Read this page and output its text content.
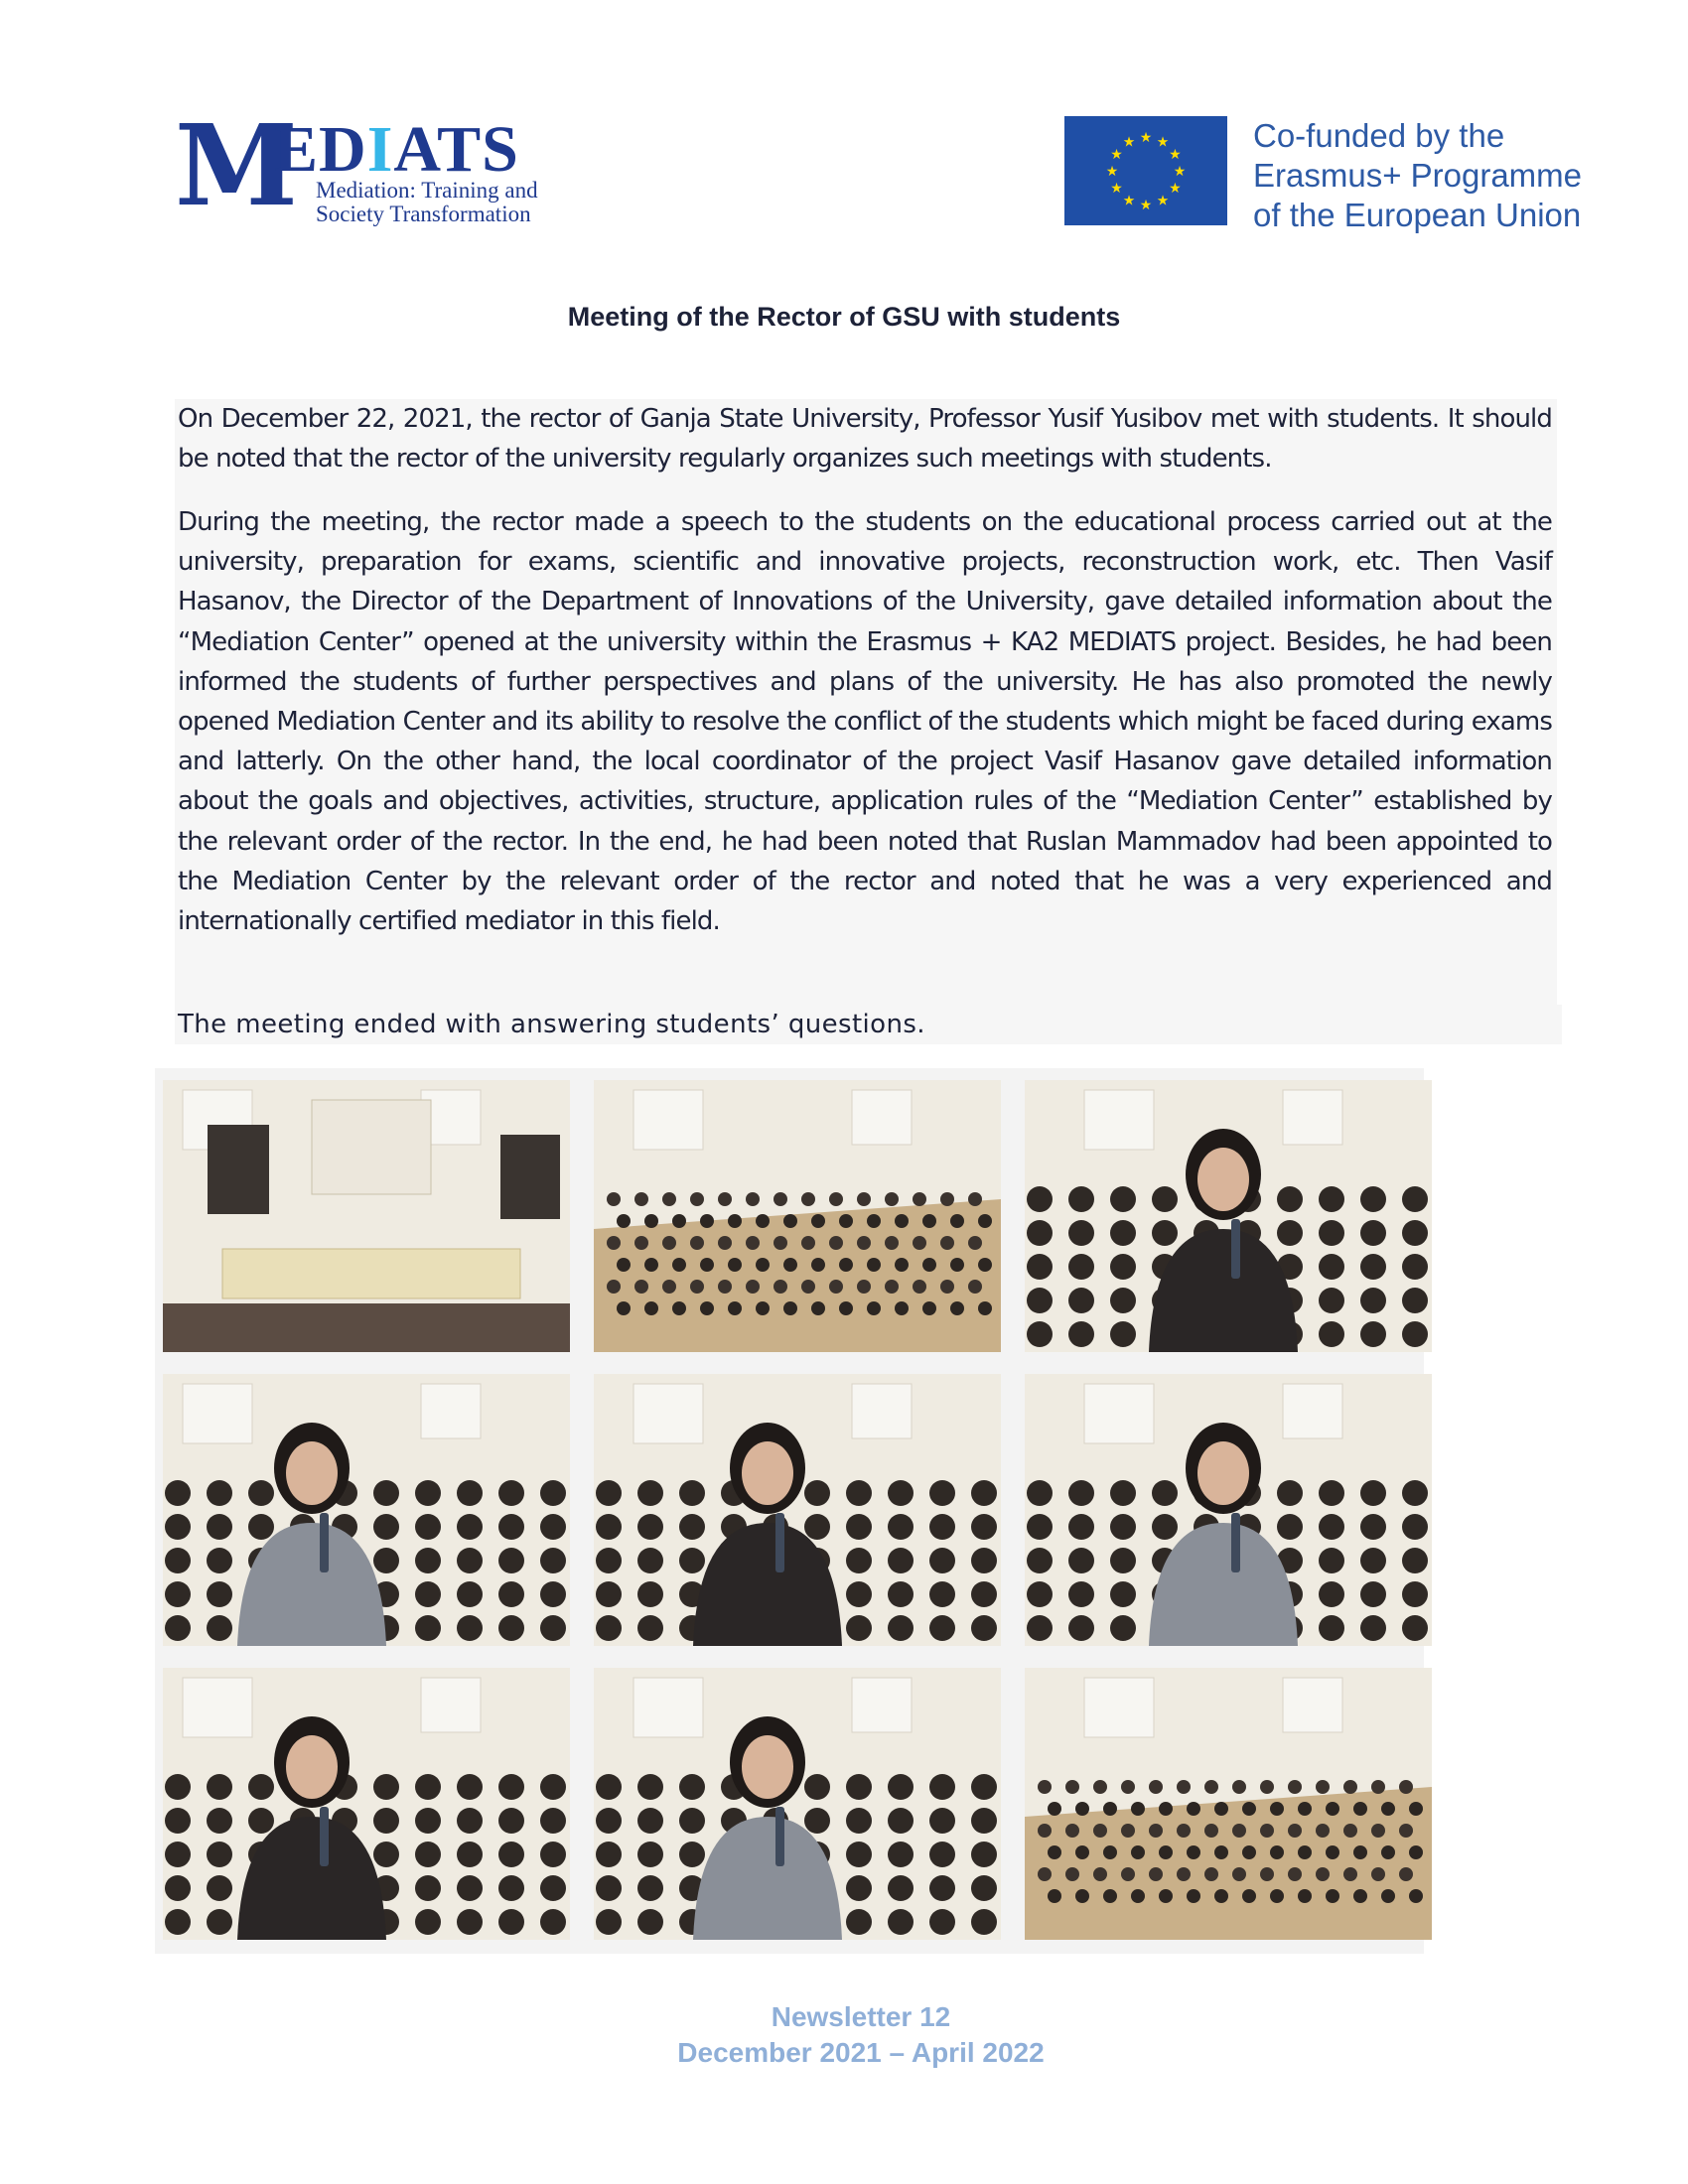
M
EDIATS
Mediation: Training and
Society Transformation
★ ★
★
★
★
★
★
★
★
★
★
★	Co-funded by the
Erasmus+ Programme
of the European Union
Meeting of the Rector of GSU with students

On December 22, 2021, the rector of Ganja State University, Professor Yusif Yusibov met with students. It should be noted that the rector of the university regularly organizes such meetings with students.

During the meeting, the rector made a speech to the students on the educational process carried out at the university, preparation for exams, scientific and innovative projects, reconstruction work, etc. Then Vasif Hasanov, the Director of the Department of Innovations of the University, gave detailed information about the “Mediation Center” opened at the university within the Erasmus + KA2 MEDIATS project. Besides, he had been informed the students of further perspectives and plans of the university. He has also promoted the newly opened Mediation Center and its ability to resolve the conflict of the students which might be faced during exams and latterly. On the other hand, the local coordinator of the project Vasif Hasanov gave detailed information about the goals and objectives, activities, structure, application rules of the “Mediation Center” established by the relevant order of the rector. In the end, he had been noted that Ruslan Mammadov had been appointed to the Mediation Center by the relevant order of the rector and noted that he was a very experienced and internationally certified mediator in this field.

The meeting ended with answering students’ questions.

Newsletter 12
December 2021 – April 2022
